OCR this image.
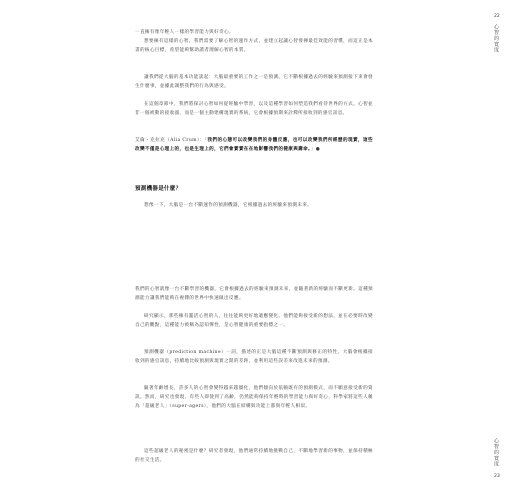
22
心智的寬度
一直擁有像年輕人一樣的學習能力與好奇心。
想要擁有這樣的心智，我們需要了解心智的運作方式，並建立起讓心智發揮最佳效能的習慣，而這正是本書的核心目標，希望能夠幫助讀者理解心智的本質。
讓我們從大腦的基本功能談起：大腦最重要的工作之一是預測。它不斷根據過去的經驗來預測接下來會發生什麼事，並據此調整我們的行為與感受。
在這個章節中，我們將探討心智如何從經驗中學習，以及這種學習如何塑造我們看待世界的方式。心智並非一個被動的接收器，而是一個主動建構現實的系統，它會根據預期來詮釋所接收到的感官訊息。
艾倫・克拉克（Alia Crum）：「我們的心態可以改變我們的身體反應，也可以改變我們所經歷的現實，這些改變不僅是心理上的，也是生理上的，它們會實實在在地影響我們的健康與壽命。」●
預測機器是什麼？
想像一下，大腦是一台不斷運作的預測機器，它根據過去的經驗來預測未來。
我們的心智就像一台不斷學習的機器，它會根據過去的經驗來預測未來，並隨著新的經驗而不斷更新。這種預測能力讓我們能夠在複雜的世界中快速做出反應。
研究顯示，那些擁有靈活心智的人，往往能夠更好地適應變化。他們能夠接受新的想法，並在必要時改變自己的觀點，這種能力被稱為認知彈性，是心智健康的重要指標之一。
預測機器（prediction machine）一詞，描述的正是大腦這種不斷預測與修正的特性。大腦會根據接收到的感官訊息，持續地比較預測與現實之間的差距，並利用這些誤差來改進未來的預測。
隨著年齡增長，許多人的心智會變得越來越僵化，他們傾向於依賴既有的預測模式，而不願意接受新的資訊。然而，研究也發現，有些人即使到了高齡，仍然能夠保持年輕時的學習能力與好奇心，科學家將這些人稱為「超級老人」（super-agers），他們的大腦在結構與功能上都與年輕人相似。
這些超級老人的秘密是什麼？研究者發現，他們通常持續地挑戰自己，不斷地學習新的事物，並保持積極的社交生活。	心智的寬度
23
